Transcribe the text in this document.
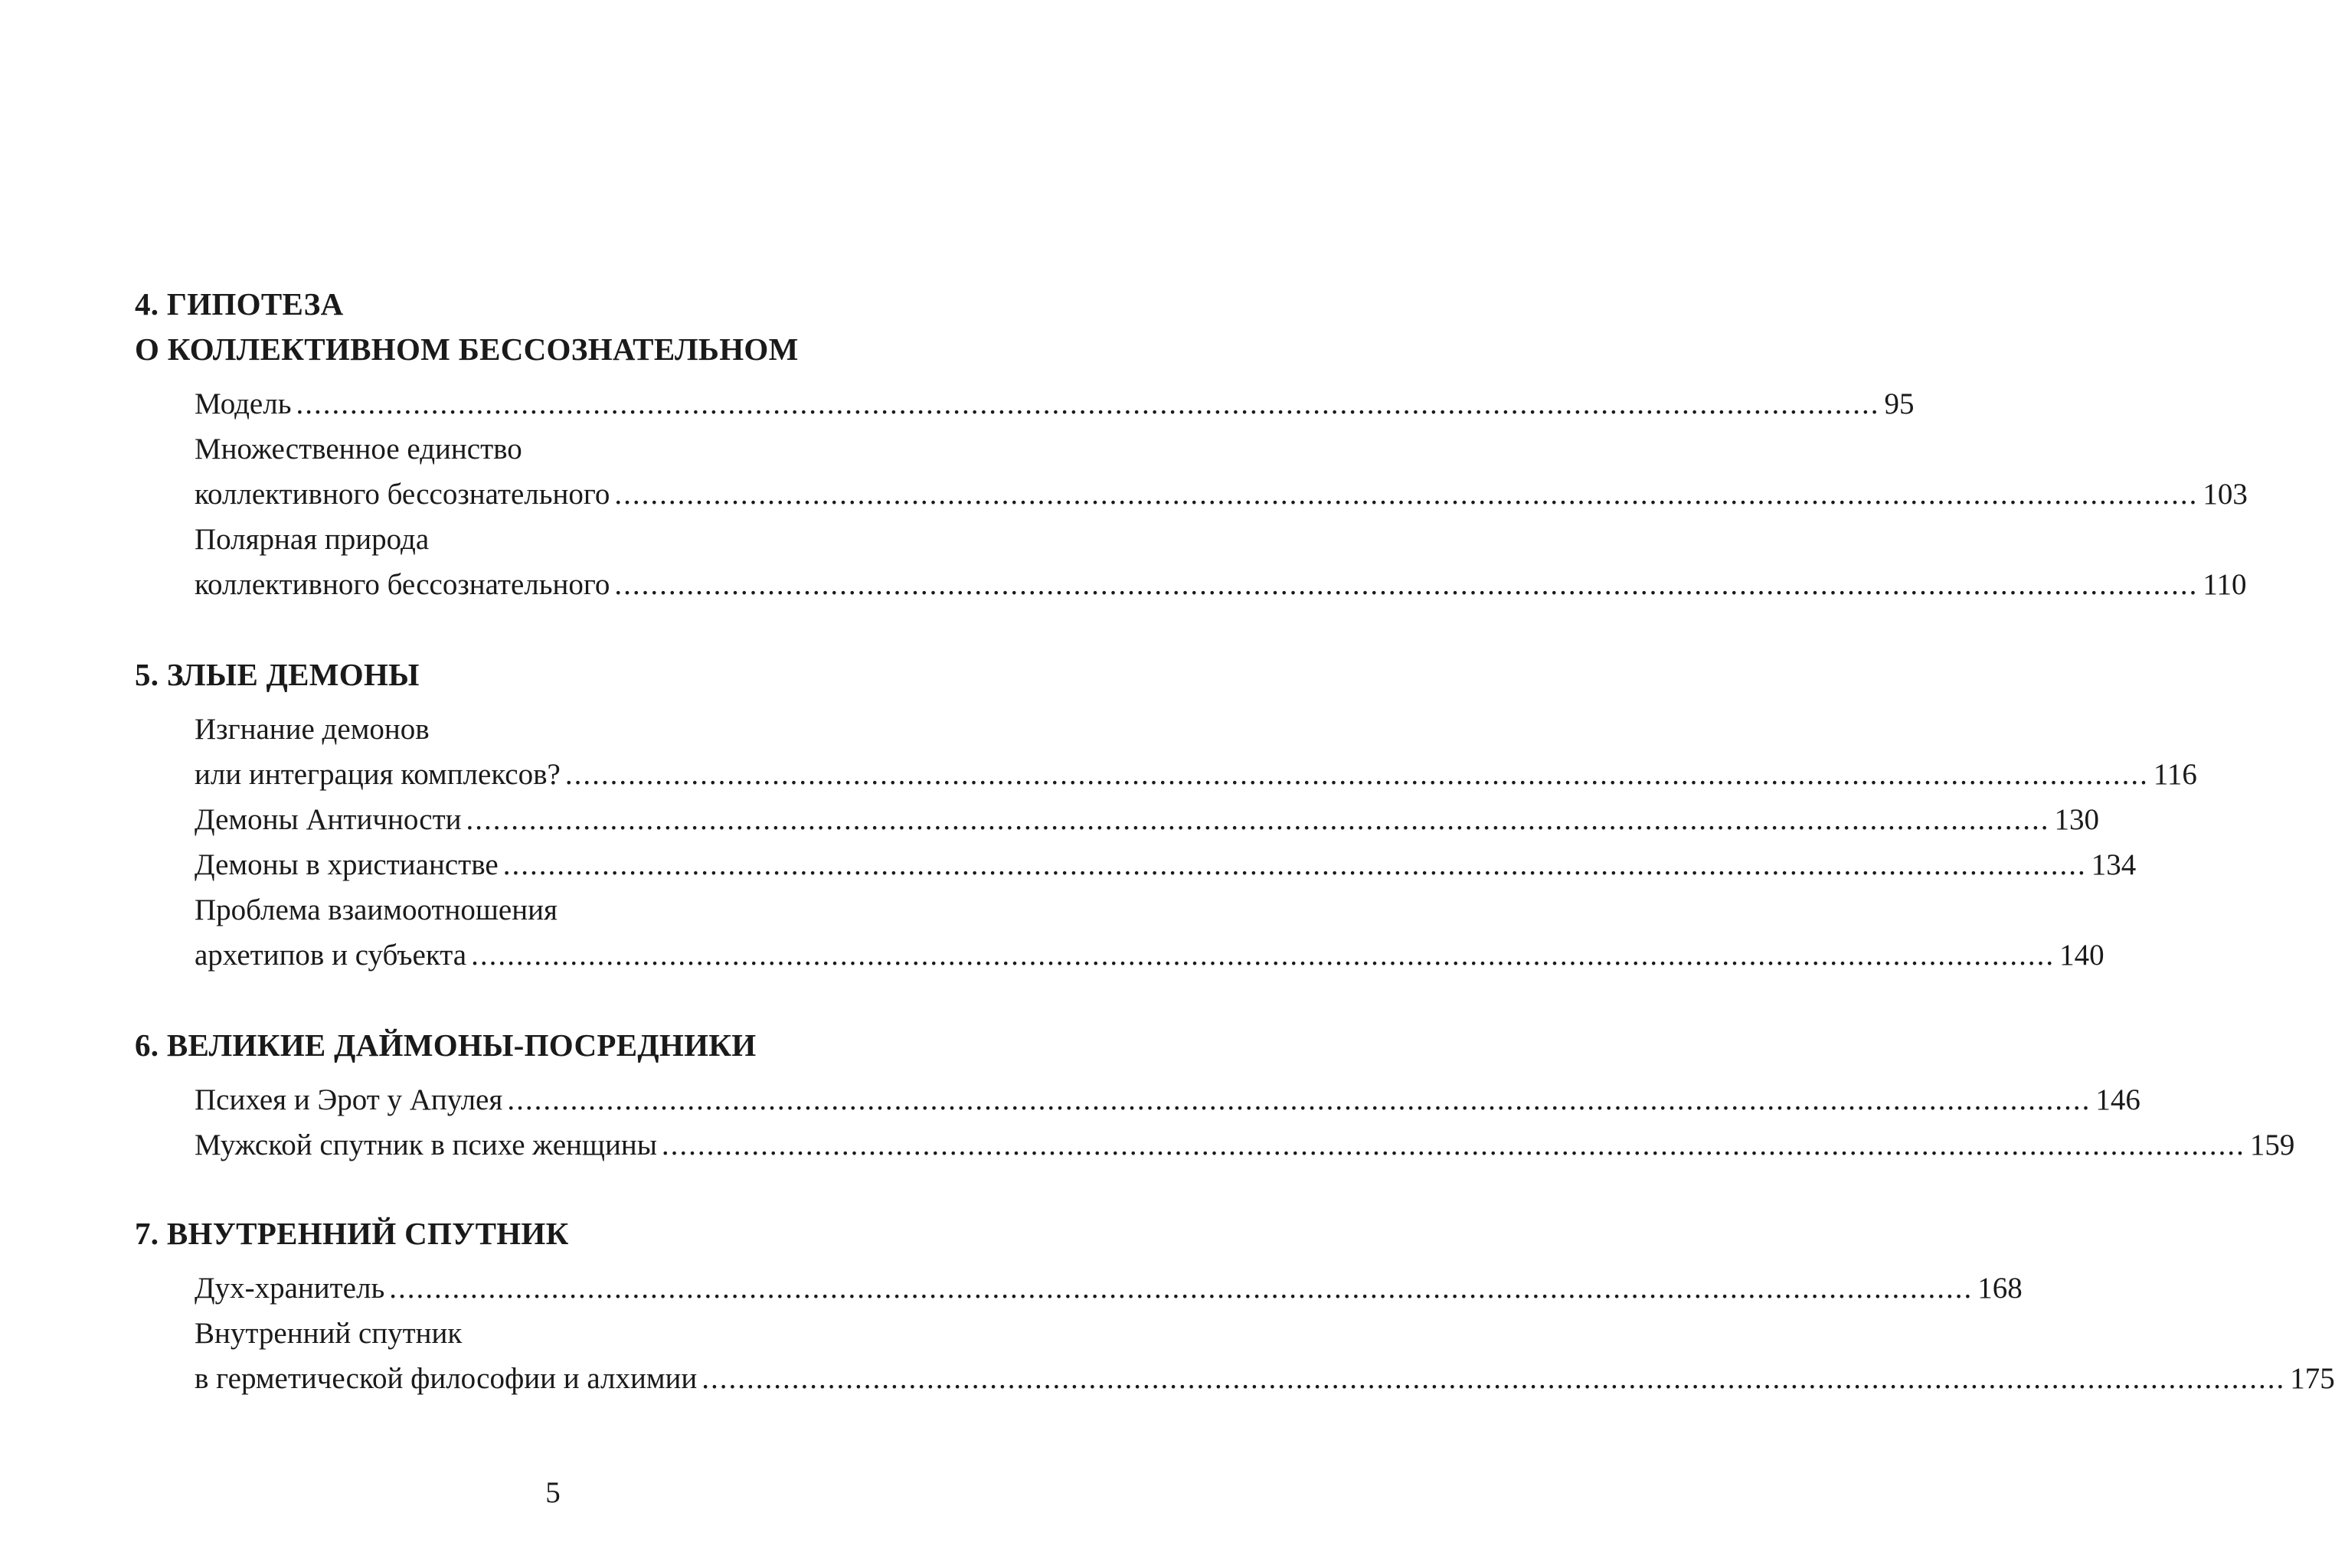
4. ГИПОТЕЗА
О КОЛЛЕКТИВНОМ БЕССОЗНАТЕЛЬНОМ
Модель ................................................................................................................................................................................ 95
Множественное единство
коллективного бессознательного ................................................................................................................................................................................ 103
Полярная природа
коллективного бессознательного ................................................................................................................................................................................ 110
5. ЗЛЫЕ ДЕМОНЫ
Изгнание демонов
или интеграция комплексов? ................................................................................................................................................................................ 116
Демоны Античности ................................................................................................................................................................................ 130
Демоны в христианстве ................................................................................................................................................................................ 134
Проблема взаимоотношения
архетипов и субъекта ................................................................................................................................................................................ 140
6. ВЕЛИКИЕ ДАЙМОНЫ-ПОСРЕДНИКИ
Психея и Эрот у Апулея ................................................................................................................................................................................ 146
Мужской спутник в психе женщины ................................................................................................................................................................................ 159
7. ВНУТРЕННИЙ СПУТНИК
Дух-хранитель ................................................................................................................................................................................ 168
Внутренний спутник
в герметической философии и алхимии ................................................................................................................................................................................ 175
5
